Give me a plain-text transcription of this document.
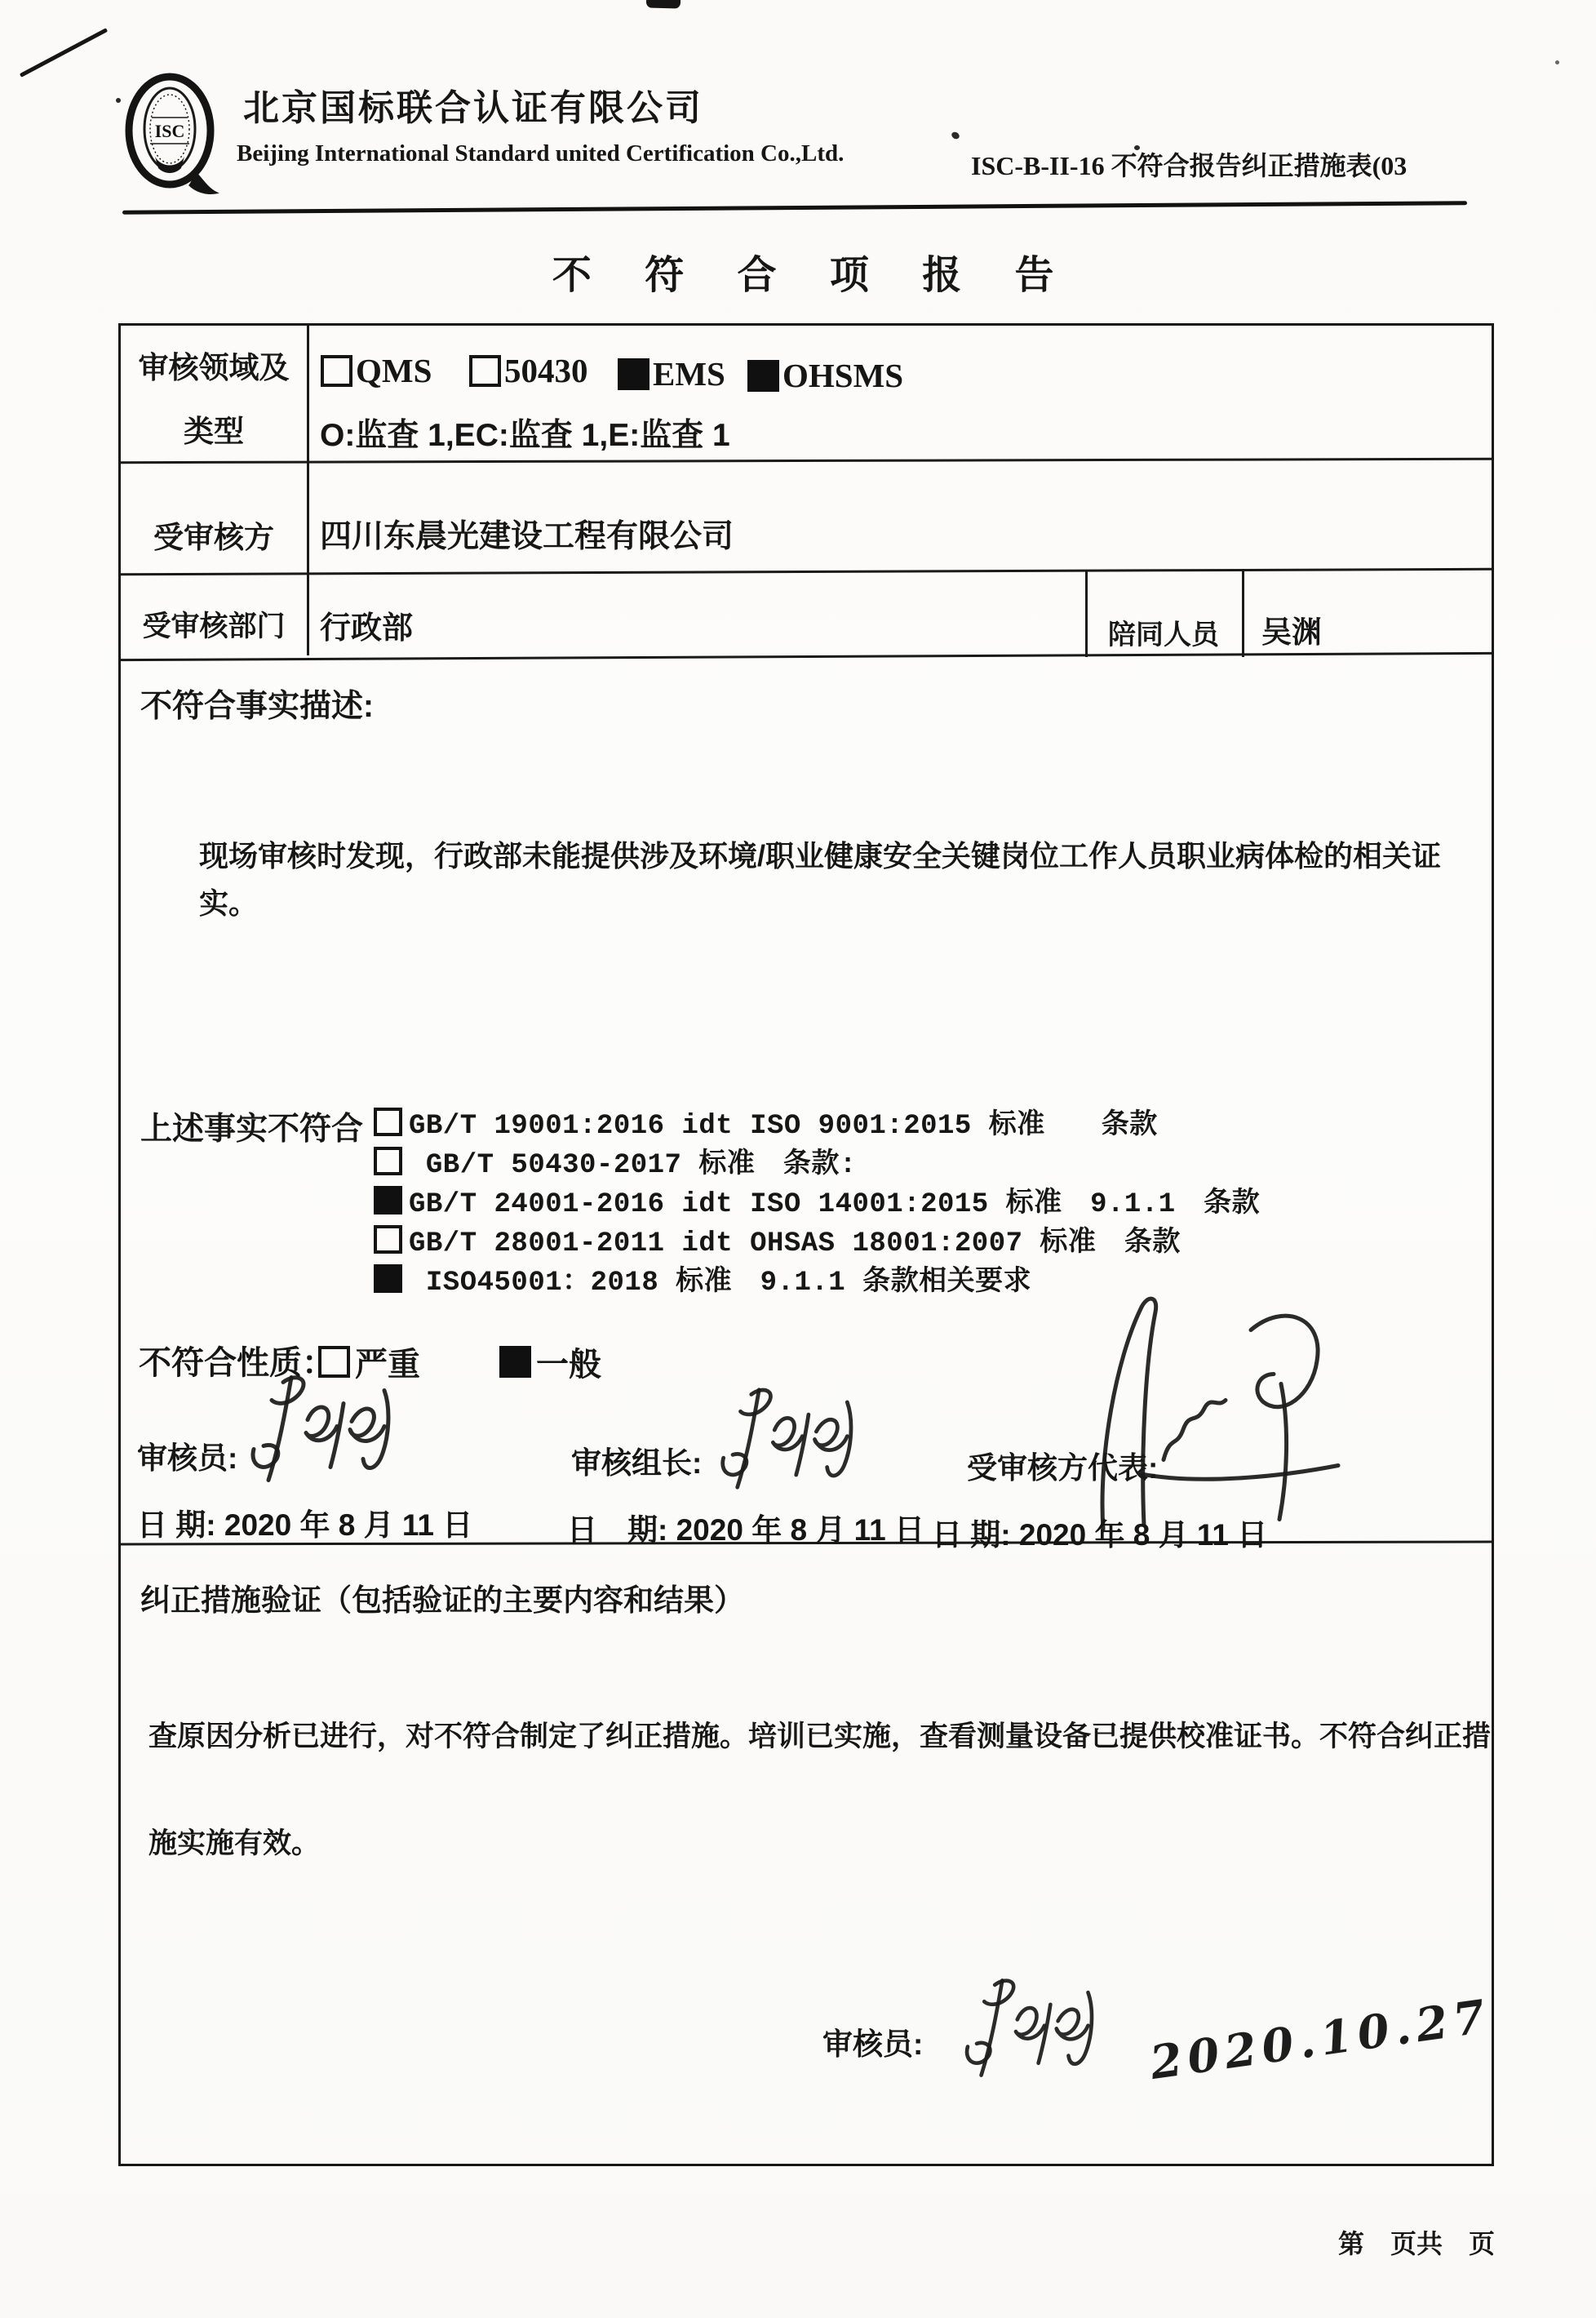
ISC
北京国标联合认证有限公司
Beijing International Standard united Certification Co.,Ltd.	ISC-B-II-16 不符合报告纠正措施表(03
不 符 合 项 报 告
审核领域及
类型
QMS 50430 EMS OHSMS
O:监査 1,EC:监査 1,E:监査 1
受审核方	四川东晨光建设工程有限公司
受审核部门	行政部	陪同人员	吴渊
不符合事实描述:
现场审核时发现，行政部未能提供涉及环境/职业健康安全关键岗位工作人员职业病体检的相关证实。
上述事实不符合 GB/T 19001:2016 idt ISO 9001:2015 标准　　条款
GB/T 50430-2017 标准　条款:
GB/T 24001-2016 idt ISO 14001:2015 标准　9.1.1　条款
GB/T 28001-2011 idt OHSAS 18001:2007 标准　条款
ISO45001：2018 标准　9.1.1 条款相关要求
不符合性质： 严重	一般
审核员:	审核组长:	受审核方代表:
日 期: 2020 年 8 月 11 日	日　期: 2020 年 8 月 11 日 日 期: 2020 年 8 月 11 日
纠正措施验证（包括验证的主要内容和结果）
查原因分析已进行，对不符合制定了纠正措施。培训已实施，查看测量设备已提供校准证书。不符合纠正措施实施有效。
审核员:	2020.10.27
第　页共　页
